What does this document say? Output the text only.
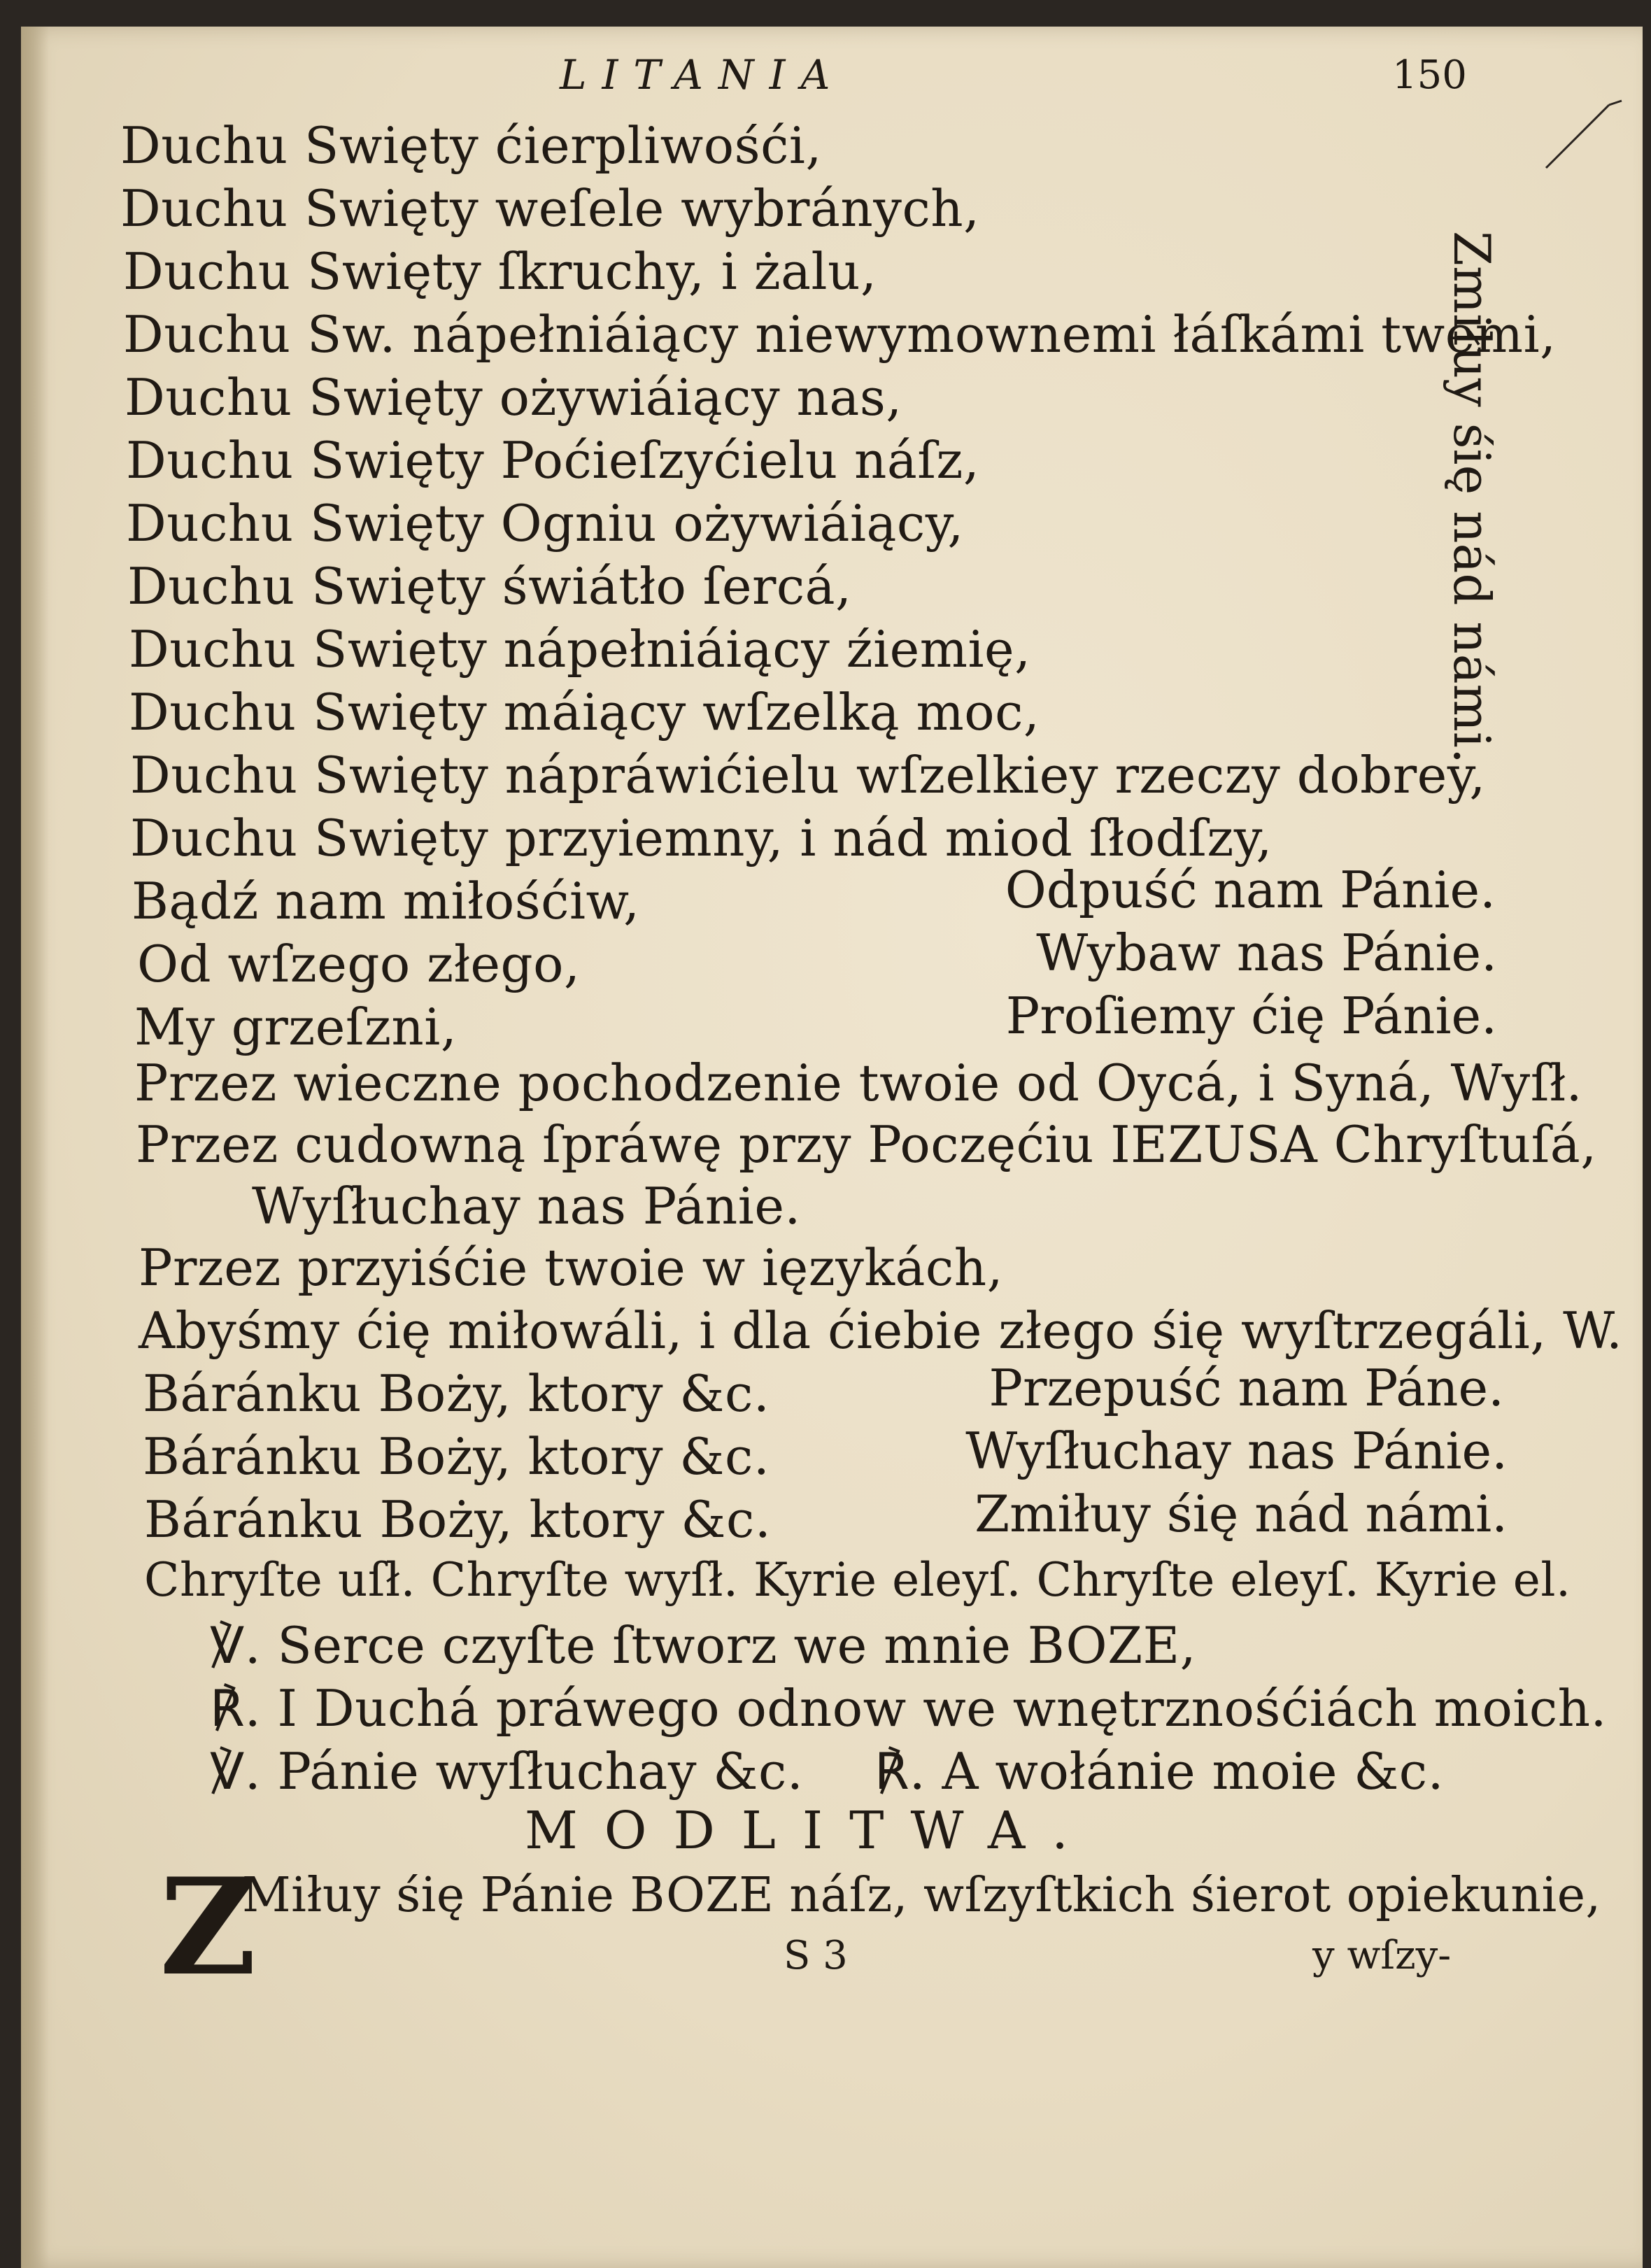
LITANIA	150

Zmiłuy śię nád námi.

Duchu Swięty ćierpliwośći,

Duchu Swięty weſele wybránych,

Duchu Swięty ſkruchy, i żalu,

Duchu Sw. nápełniáiący niewymownemi łáſkámi twemi,

Duchu Swięty ożywiáiący nas,

Duchu Swięty Poćieſzyćielu náſz,

Duchu Swięty Ogniu ożywiáiący,

Duchu Swięty świátło ſercá,

Duchu Swięty nápełniáiący źiemię,

Duchu Swięty máiący wſzelką moc,

Duchu Swięty nápráwićielu wſzelkiey rzeczy dobrey,

Duchu Swięty przyiemny, i nád miod ſłodſzy,

Bądź nam miłośćiw,	Odpuść nam Pánie.

Od wſzego złego,	Wybaw nas Pánie.

My grzeſzni,	Proſiemy ćię Pánie.

Przez wieczne pochodzenie twoie od Oycá, i Syná, Wyſł.

Przez cudowną ſpráwę przy Poczęćiu IEZUSA Chryſtuſá,

Wyſłuchay nas Pánie.

Przez przyiśćie twoie w ięzykách,

Abyśmy ćię miłowáli, i dla ćiebie złego śię wyſtrzegáli, W.

Báránku Boży, ktory &c.	Przepuść nam Páne.

Báránku Boży, ktory &c.	Wyſłuchay nas Pánie.

Báránku Boży, ktory &c.	Zmiłuy śię nád námi.

Chryſte uſł. Chryſte wyſł. Kyrie eleyſ. Chryſte eleyſ. Kyrie el.

℣. Serce czyſte ſtworz we mnie BOZE,

℟. I Duchá práwego odnow we wnętrznośćiách moich.

℣. Pánie wyſłuchay &c. ℟. A wołánie moie &c.

MODLITWA.

Z

Miłuy śię Pánie BOZE náſz, wſzyſtkich śierot opiekunie,

S 3	y wſzy-
